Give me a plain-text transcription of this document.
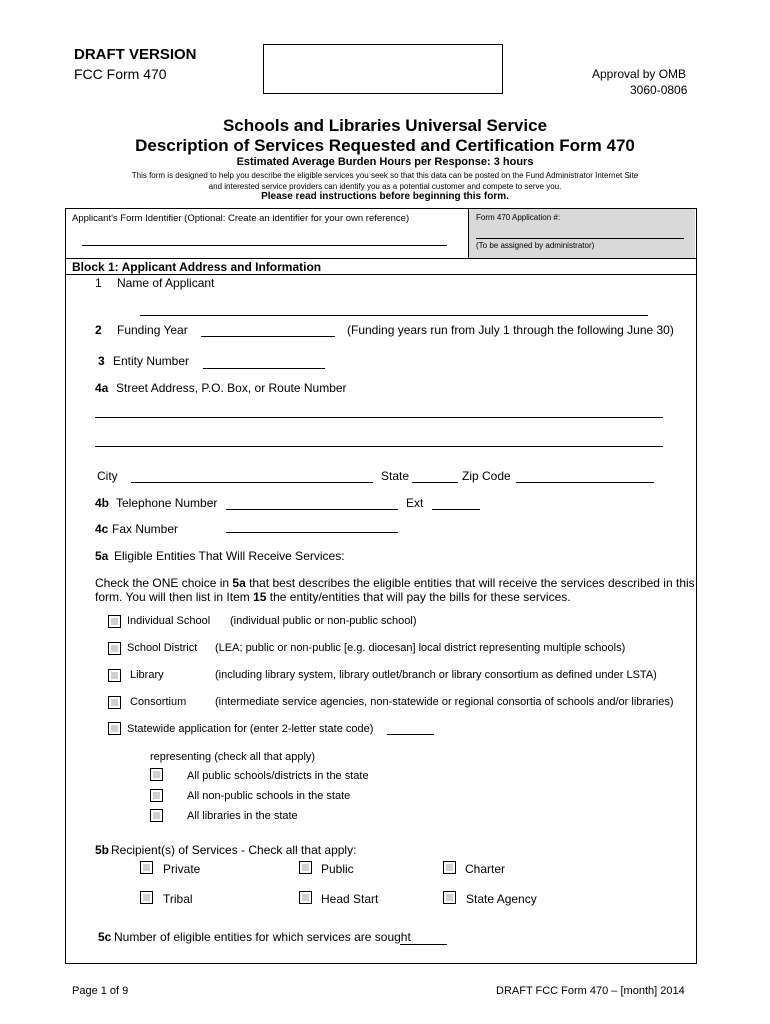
DRAFT VERSION
FCC Form 470	Approval by OMB
3060-0806
Schools and Libraries Universal Service
Description of Services Requested and Certification Form 470
Estimated Average Burden Hours per Response: 3 hours
This form is designed to help you describe the eligible services you seek so that this data can be posted on the Fund Administrator Internet Site
and interested service providers can identify you as a potential customer and compete to serve you.
Please read instructions before beginning this form.
Applicant's Form Identifier (Optional: Create an identifier for your own reference)	Form 470 Application #:
(To be assigned by administrator)
Block 1: Applicant Address and Information
1 Name of Applicant
2 Funding Year	(Funding years run from July 1 through the following June 30)
3 Entity Number
4a Street Address, P.O. Box, or Route Number
City	State	Zip Code
4b Telephone Number	Ext
4c Fax Number
5a Eligible Entities That Will Receive Services:
Check the ONE choice in 5a that best describes the eligible entities that will receive the services described in this
form. You will then list in Item 15 the entity/entities that will pay the bills for these services.
Individual School (individual public or non-public school)
School District (LEA; public or non-public [e.g. diocesan] local district representing multiple schools)
Library	(including library system, library outlet/branch or library consortium as defined under LSTA)
Consortium	(intermediate service agencies, non-statewide or regional consortia of schools and/or libraries)
Statewide application for (enter 2-letter state code)
representing (check all that apply)
All public schools/districts in the state
All non-public schools in the state
All libraries in the state
5b Recipient(s) of Services - Check all that apply:
Private	Public	Charter
Tribal	Head Start	State Agency
5c Number of eligible entities for which services are sought
Page 1 of 9	DRAFT FCC Form 470 – [month] 2014
